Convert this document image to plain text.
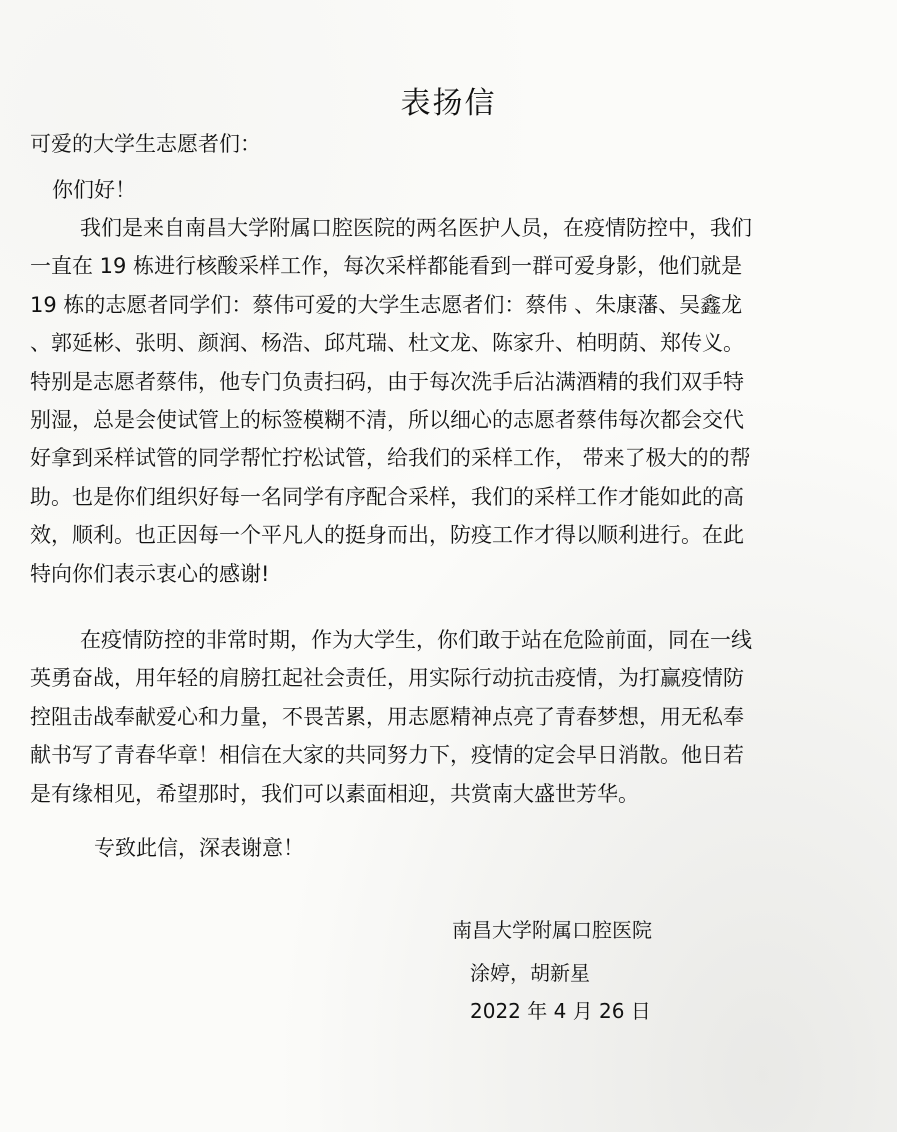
表扬信

可爱的大学生志愿者们：

你们好！

我们是来自南昌大学附属口腔医院的两名医护人员，在疫情防控中，我们
一直在 19 栋进行核酸采样工作，每次采样都能看到一群可爱身影，他们就是
19 栋的志愿者同学们：蔡伟可爱的大学生志愿者们：蔡伟 、朱康藩、吴鑫龙
、郭延彬、张明、颜润、杨浩、邱芃瑞、杜文龙、陈家升、柏明荫、郑传义。
特别是志愿者蔡伟，他专门负责扫码，由于每次洗手后沾满酒精的我们双手特
别湿，总是会使试管上的标签模糊不清，所以细心的志愿者蔡伟每次都会交代
好拿到采样试管的同学帮忙拧松试管，给我们的采样工作， 带来了极大的的帮
助。也是你们组织好每一名同学有序配合采样，我们的采样工作才能如此的高
效，顺利。也正因每一个平凡人的挺身而出，防疫工作才得以顺利进行。在此
特向你们表示衷心的感谢!
在疫情防控的非常时期，作为大学生，你们敢于站在危险前面，同在一线
英勇奋战，用年轻的肩膀扛起社会责任，用实际行动抗击疫情，为打赢疫情防
控阻击战奉献爱心和力量，不畏苦累，用志愿精神点亮了青春梦想，用无私奉
献书写了青春华章！相信在大家的共同努力下，疫情的定会早日消散。他日若
是有缘相见，希望那时，我们可以素面相迎，共赏南大盛世芳华。

专致此信，深表谢意！

南昌大学附属口腔医院
涂婷，胡新星
2022 年 4 月 26 日
